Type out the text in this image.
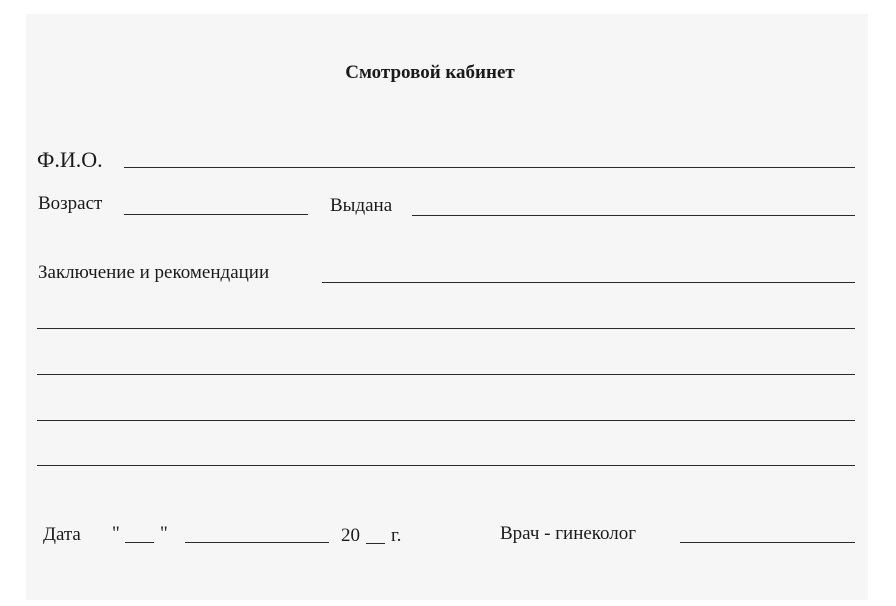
Смотровой кабинет
Ф.И.О.
Возраст	Выдана
Заключение и рекомендации
Дата " "	20 г.	Врач - гинеколог
